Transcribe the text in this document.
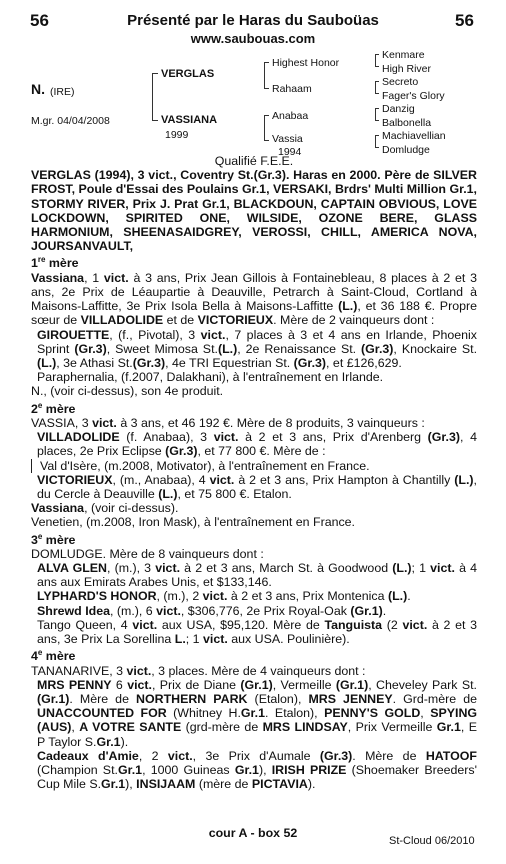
56	Présenté par le Haras du Sauboüas	56
www.saubouas.com
N. (IRE)
M.gr. 04/04/2008
VERGLAS
VASSIANA
1999
Highest Honor
Rahaam
Anabaa
Vassia
1994
Kenmare
High River
Secreto
Fager's Glory
Danzig
Balbonella
Machiavellian
Domludge

Qualifié F.E.E.

VERGLAS (1994), 3 vict., Coventry St.(Gr.3). Haras en 2000. Père de SILVER FROST, Poule d'Essai des Poulains Gr.1, VERSAKI, Brdrs' Multi Million Gr.1, STORMY RIVER, Prix J. Prat Gr.1, BLACKDOUN, CAPTAIN OBVIOUS, LOVE LOCKDOWN, SPIRITED ONE, WILSIDE, OZONE BERE, GLASS HARMONIUM, SHEENASAIDGREY, VEROSSI, CHILL, AMERICA NOVA, JOURSANVAULT,

1re mère

Vassiana, 1 vict. à 3 ans, Prix Jean Gillois à Fontainebleau, 8 places à 2 et 3 ans, 2e Prix de Léaupartie à Deauville, Petrarch à Saint-Cloud, Cortland à Maisons-Laffitte, 3e Prix Isola Bella à Maisons-Laffitte (L.), et 36 188 €. Propre sœur de VILLADOLIDE et de VICTORIEUX. Mère de 2 vainqueurs dont :

GIROUETTE, (f., Pivotal), 3 vict., 7 places à 3 et 4 ans en Irlande, Phoenix Sprint (Gr.3), Sweet Mimosa St.(L.), 2e Renaissance St. (Gr.3), Knockaire St.(L.), 3e Athasi St.(Gr.3), 4e TRI Equestrian St. (Gr.3), et £126,629.

Paraphernalia, (f.2007, Dalakhani), à l'entraînement en Irlande.

N., (voir ci-dessus), son 4e produit.

2e mère

VASSIA, 3 vict. à 3 ans, et 46 192 €. Mère de 8 produits, 3 vainqueurs :

VILLADOLIDE (f. Anabaa), 3 vict. à 2 et 3 ans, Prix d'Arenberg (Gr.3), 4 places, 2e Prix Eclipse (Gr.3), et 77 800 €. Mère de :

Val d'Isère, (m.2008, Motivator), à l'entraînement en France.

VICTORIEUX, (m., Anabaa), 4 vict. à 2 et 3 ans, Prix Hampton à Chantilly (L.), du Cercle à Deauville (L.), et 75 800 €. Etalon.

Vassiana, (voir ci-dessus).

Venetien, (m.2008, Iron Mask), à l'entraînement en France.

3e mère

DOMLUDGE. Mère de 8 vainqueurs dont :

ALVA GLEN, (m.), 3 vict. à 2 et 3 ans, March St. à Goodwood (L.); 1 vict. à 4 ans aux Emirats Arabes Unis, et $133,146.

LYPHARD'S HONOR, (m.), 2 vict. à 2 et 3 ans, Prix Montenica (L.).

Shrewd Idea, (m.), 6 vict., $306,776, 2e Prix Royal-Oak (Gr.1).

Tango Queen, 4 vict. aux USA, $95,120. Mère de Tanguista (2 vict. à 2 et 3 ans, 3e Prix La Sorellina L.; 1 vict. aux USA. Poulinière).

4e mère

TANANARIVE, 3 vict., 3 places. Mère de 4 vainqueurs dont :

MRS PENNY 6 vict., Prix de Diane (Gr.1), Vermeille (Gr.1), Cheveley Park St.(Gr.1). Mère de NORTHERN PARK (Etalon), MRS JENNEY. Grd-mère de UNACCOUNTED FOR (Whitney H.Gr.1. Etalon), PENNY'S GOLD, SPYING (AUS), A VOTRE SANTE (grd-mère de MRS LINDSAY, Prix Vermeille Gr.1, E P Taylor S.Gr.1).

Cadeaux d'Amie, 2 vict., 3e Prix d'Aumale (Gr.3). Mère de HATOOF (Champion St.Gr.1, 1000 Guineas Gr.1), IRISH PRIZE (Shoemaker Breeders' Cup Mile S.Gr.1), INSIJAAM (mère de PICTAVIA).

cour A - box 52
St-Cloud 06/2010
